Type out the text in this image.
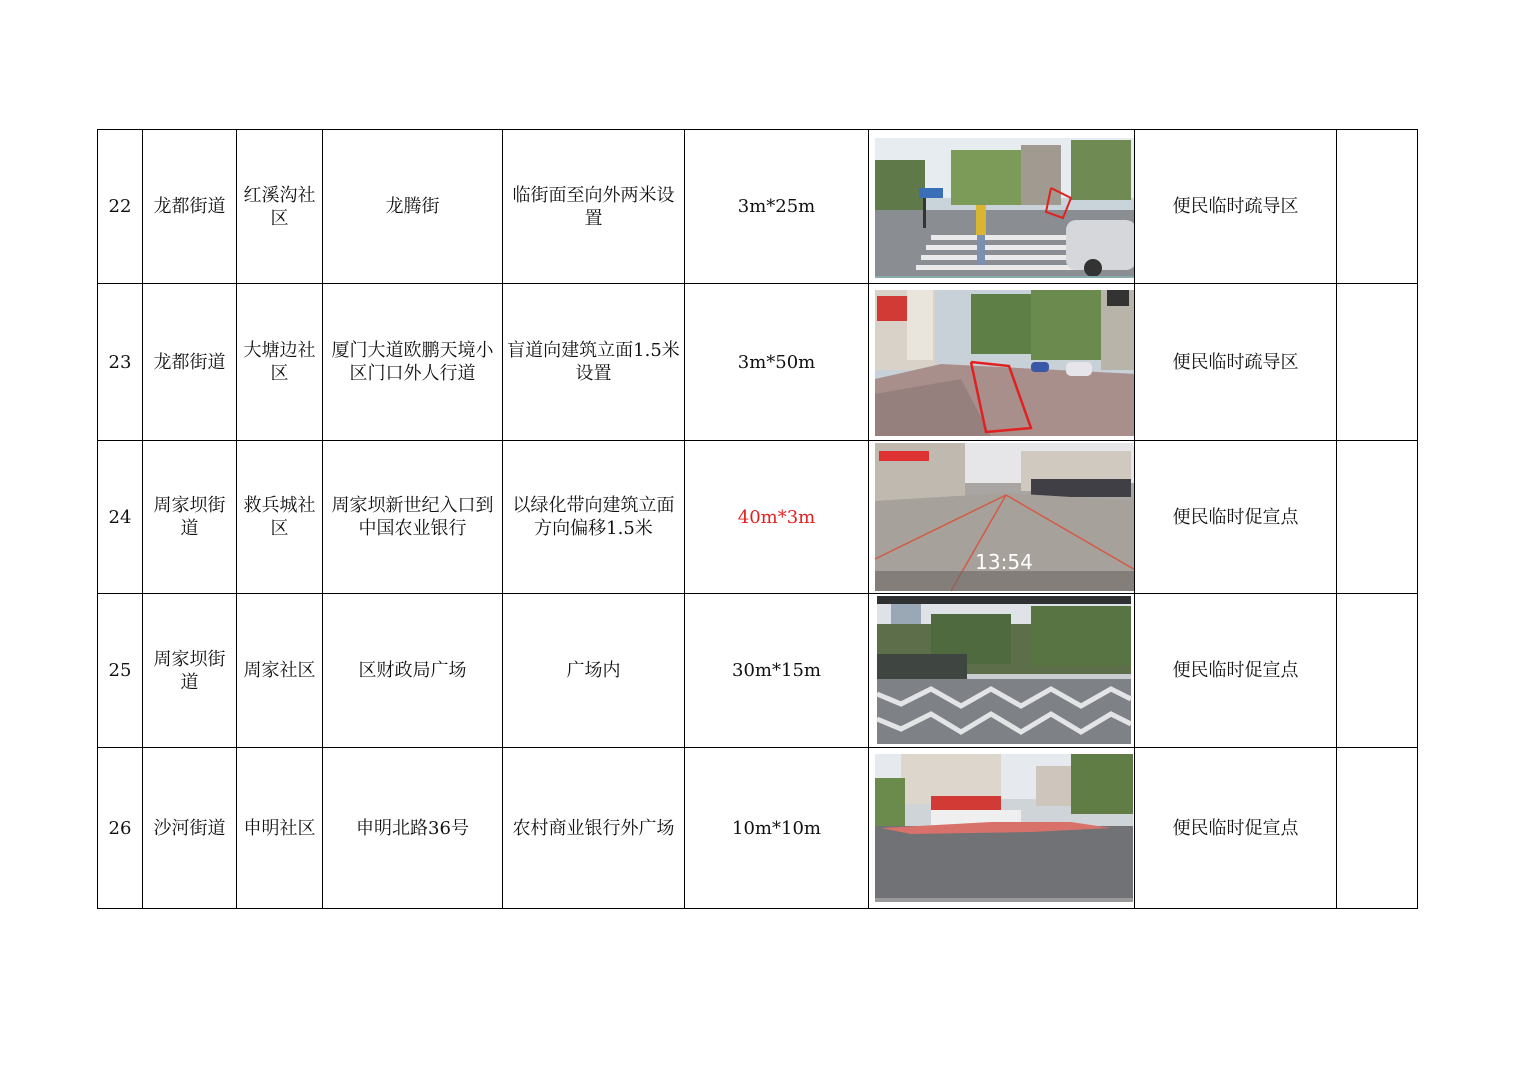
22	龙都街道	红溪沟社区	龙腾街	临街面至向外两米设置	3m*25m		便民临时疏导区	
23	龙都街道	大塘边社区	厦门大道欧鹏天境小区门口外人行道	盲道向建筑立面1.5米设置	3m*50m		便民临时疏导区	
24	周家坝街道	救兵城社区	周家坝新世纪入口到中国农业银行	以绿化带向建筑立面方向偏移1.5米	40m*3m	13:54	便民临时促宣点	
25	周家坝街道	周家社区	区财政局广场	广场内	30m*15m		便民临时促宣点	
26	沙河街道	申明社区	申明北路36号	农村商业银行外广场	10m*10m		便民临时促宣点	
